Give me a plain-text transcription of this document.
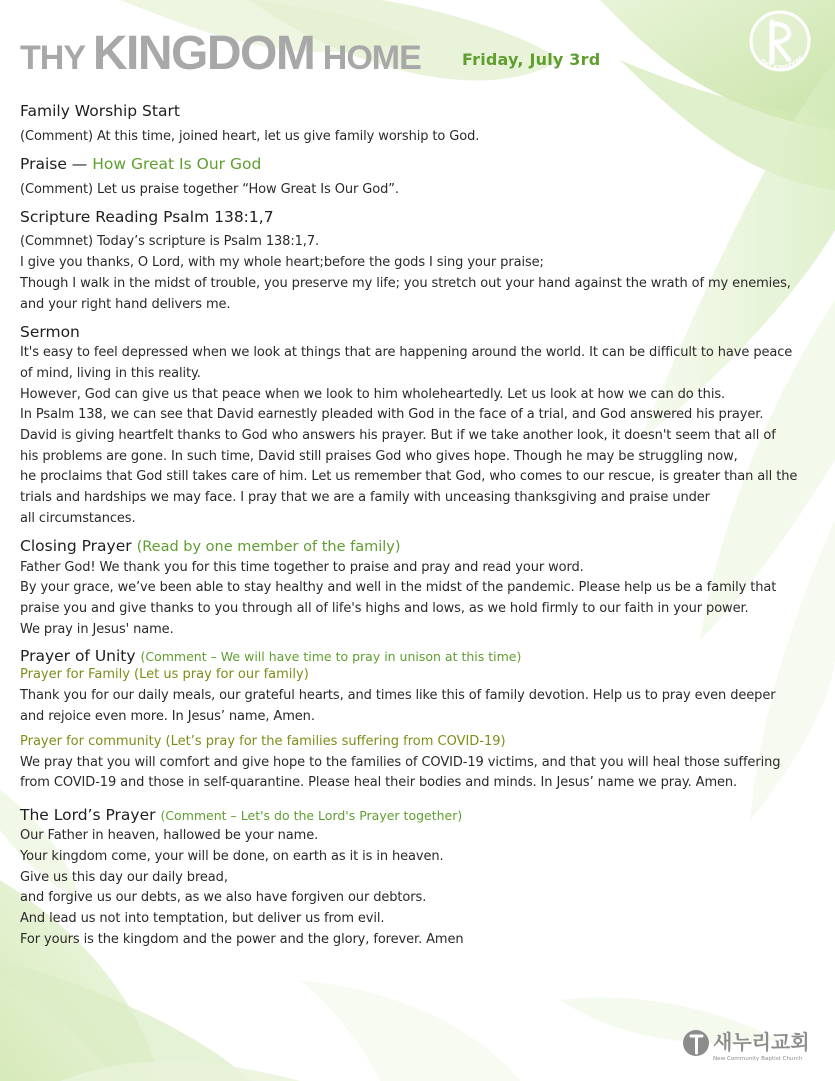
THY KINGDOM HOME	Friday, July 3rd	THY KINGDOM
Family Worship Start
(Comment) At this time, joined heart, let us give family worship to God.
Praise — How Great Is Our God
(Comment) Let us praise together “How Great Is Our God”.
Scripture Reading Psalm 138:1,7
(Commnet) Today’s scripture is Psalm 138:1,7.
I give you thanks, O Lord, with my whole heart;before the gods I sing your praise;
Though I walk in the midst of trouble, you preserve my life; you stretch out your hand against the wrath of my enemies,
and your right hand delivers me.
Sermon
It's easy to feel depressed when we look at things that are happening around the world. It can be difficult to have peace
of mind, living in this reality.
However, God can give us that peace when we look to him wholeheartedly. Let us look at how we can do this.
In Psalm 138, we can see that David earnestly pleaded with God in the face of a trial, and God answered his prayer.
David is giving heartfelt thanks to God who answers his prayer. But if we take another look, it doesn't seem that all of
his problems are gone. In such time, David still praises God who gives hope. Though he may be struggling now,
he proclaims that God still takes care of him. Let us remember that God, who comes to our rescue, is greater than all the
trials and hardships we may face. I pray that we are a family with unceasing thanksgiving and praise under
all circumstances.
Closing Prayer (Read by one member of the family)
Father God! We thank you for this time together to praise and pray and read your word.
By your grace, we’ve been able to stay healthy and well in the midst of the pandemic. Please help us be a family that
praise you and give thanks to you through all of life's highs and lows, as we hold firmly to our faith in your power.
We pray in Jesus' name.
Prayer of Unity (Comment – We will have time to pray in unison at this time)
Prayer for Family (Let us pray for our family)
Thank you for our daily meals, our grateful hearts, and times like this of family devotion. Help us to pray even deeper
and rejoice even more. In Jesus’ name, Amen.
Prayer for community (Let’s pray for the families suffering from COVID-19)
We pray that you will comfort and give hope to the families of COVID-19 victims, and that you will heal those suffering
from COVID-19 and those in self-quarantine. Please heal their bodies and minds. In Jesus’ name we pray. Amen.
The Lord’s Prayer (Comment – Let's do the Lord's Prayer together)
Our Father in heaven, hallowed be your name.
Your kingdom come, your will be done, on earth as it is in heaven.
Give us this day our daily bread,
and forgive us our debts, as we also have forgiven our debtors.
And lead us not into temptation, but deliver us from evil.
For yours is the kingdom and the power and the glory, forever. Amen
새누리교회
New Community Baptist Church
